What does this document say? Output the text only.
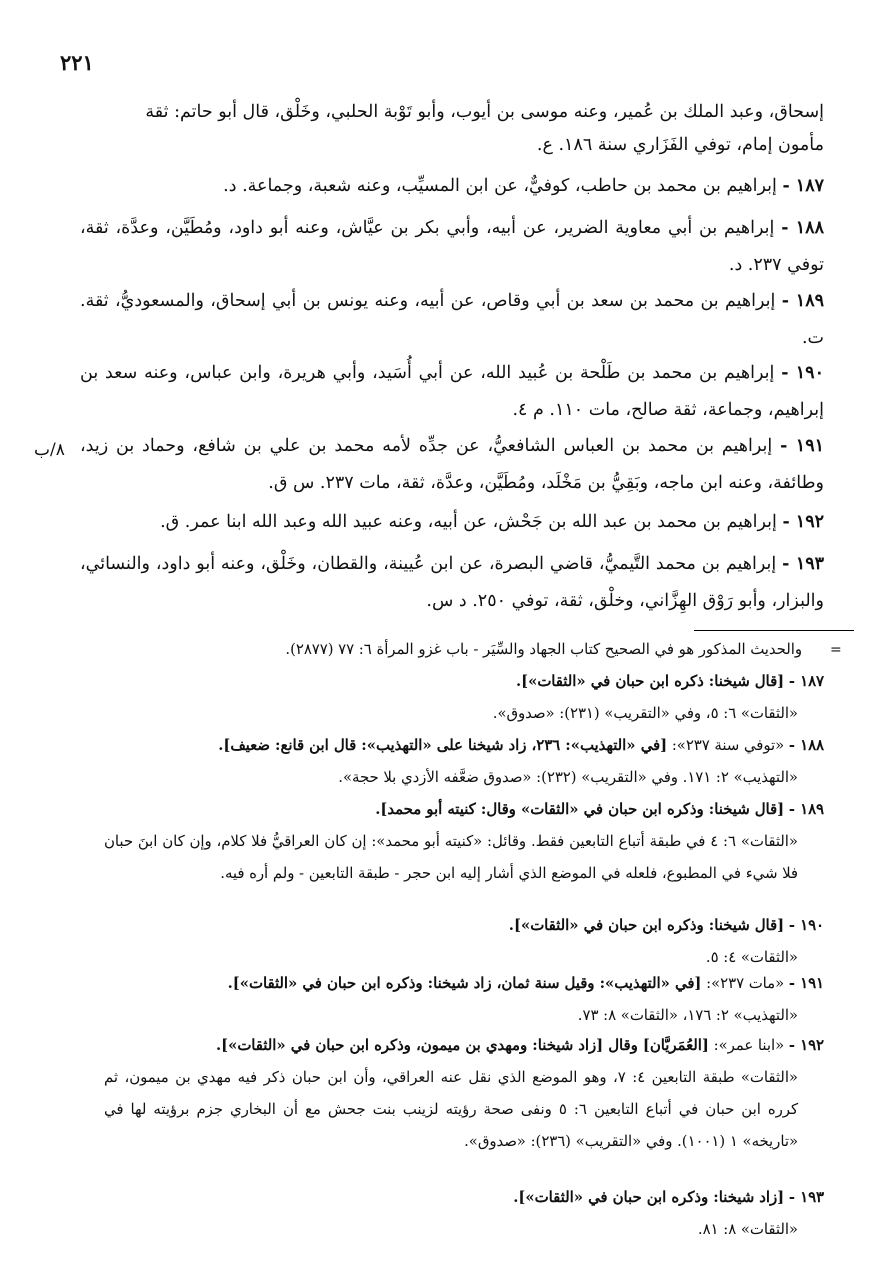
٢٢١
٨/ب
إسحاق، وعبد الملك بن عُمير، وعنه موسى بن أيوب، وأبو تَوْبة الحلبي، وخَلْق، قال أبو حاتم: ثقة
مأمون إمام، توفي الفَزَاري سنة ١٨٦. ع.
١٨٧ - إبراهيم بن محمد بن حاطب، كوفيٌّ، عن ابن المسيِّب، وعنه شعبة، وجماعة. د.
١٨٨ - إبراهيم بن أبي معاوية الضرير، عن أبيه، وأبي بكر بن عيَّاش، وعنه أبو داود، ومُطَيَّن، وعدَّة، ثقة، توفي ٢٣٧. د.
١٨٩ - إبراهيم بن محمد بن سعد بن أبي وقاص، عن أبيه، وعنه يونس بن أبي إسحاق، والمسعوديُّ، ثقة. ت.
١٩٠ - إبراهيم بن محمد بن طَلْحة بن عُبيد الله، عن أبي أُسَيد، وأبي هريرة، وابن عباس، وعنه سعد بن إبراهيم، وجماعة، ثقة صالح، مات ١١٠. م ٤.
١٩١ - إبراهيم بن محمد بن العباس الشافعيُّ، عن جدِّه لأمه محمد بن علي بن شافع، وحماد بن زيد، وطائفة، وعنه ابن ماجه، وبَقِيُّ بن مَخْلَد، ومُطَيَّن، وعدَّة، ثقة، مات ٢٣٧. س ق.
١٩٢ - إبراهيم بن محمد بن عبد الله بن جَحْش، عن أبيه، وعنه عبيد الله وعبد الله ابنا عمر. ق.
١٩٣ - إبراهيم بن محمد التَّيميُّ، قاضي البصرة، عن ابن عُيينة، والقطان، وخَلْق، وعنه أبو داود، والنسائي، والبزار، وأبو رَوْق الهِزَّاني، وخلْق، ثقة، توفي ٢٥٠. د س.
=
والحديث المذكور هو في الصحيح كتاب الجهاد والسِّيَر - باب غزو المرأة ٦: ٧٧ (٢٨٧٧).
١٨٧ - [قال شيخنا: ذكره ابن حبان في «الثقات»].
«الثقات» ٦: ٥، وفي «التقريب» (٢٣١): «صدوق».
١٨٨ - «توفي سنة ٢٣٧»: [في «التهذيب»: ٢٣٦، زاد شيخنا على «التهذيب»: قال ابن قانع: ضعيف].
«التهذيب» ٢: ١٧١. وفي «التقريب» (٢٣٢): «صدوق ضعَّفه الأزدي بلا حجة».
١٨٩ - [قال شيخنا: وذكره ابن حبان في «الثقات» وقال: كنيته أبو محمد].
«الثقات» ٦: ٤ في طبقة أتباع التابعين فقط. وقائل: «كنيته أبو محمد»: إن كان العراقيُّ فلا كلام، وإن كان ابنَ حبان فلا شيء في المطبوع، فلعله في الموضع الذي أشار إليه ابن حجر - طبقة التابعين - ولم أره فيه.
١٩٠ - [قال شيخنا: وذكره ابن حبان في «الثقات»].
«الثقات» ٤: ٥.
١٩١ - «مات ٢٣٧»: [في «التهذيب»: وقيل سنة ثمان، زاد شيخنا: وذكره ابن حبان في «الثقات»].
«التهذيب» ٢: ١٧٦، «الثقات» ٨: ٧٣.
١٩٢ - «ابنا عمر»: [العُمَريَّان] وقال [زاد شيخنا: ومهدي بن ميمون، وذكره ابن حبان في «الثقات»].
«الثقات» طبقة التابعين ٤: ٧، وهو الموضع الذي نقل عنه العراقي، وأن ابن حبان ذكر فيه مهدي بن ميمون، ثم كرره ابن حبان في أتباع التابعين ٦: ٥ ونفى صحة رؤيته لزينب بنت جحش مع أن البخاري جزم برؤيته لها في «تاريخه» ١ (١٠٠١). وفي «التقريب» (٢٣٦): «صدوق».
١٩٣ - [زاد شيخنا: وذكره ابن حبان في «الثقات»].
«الثقات» ٨: ٨١.
